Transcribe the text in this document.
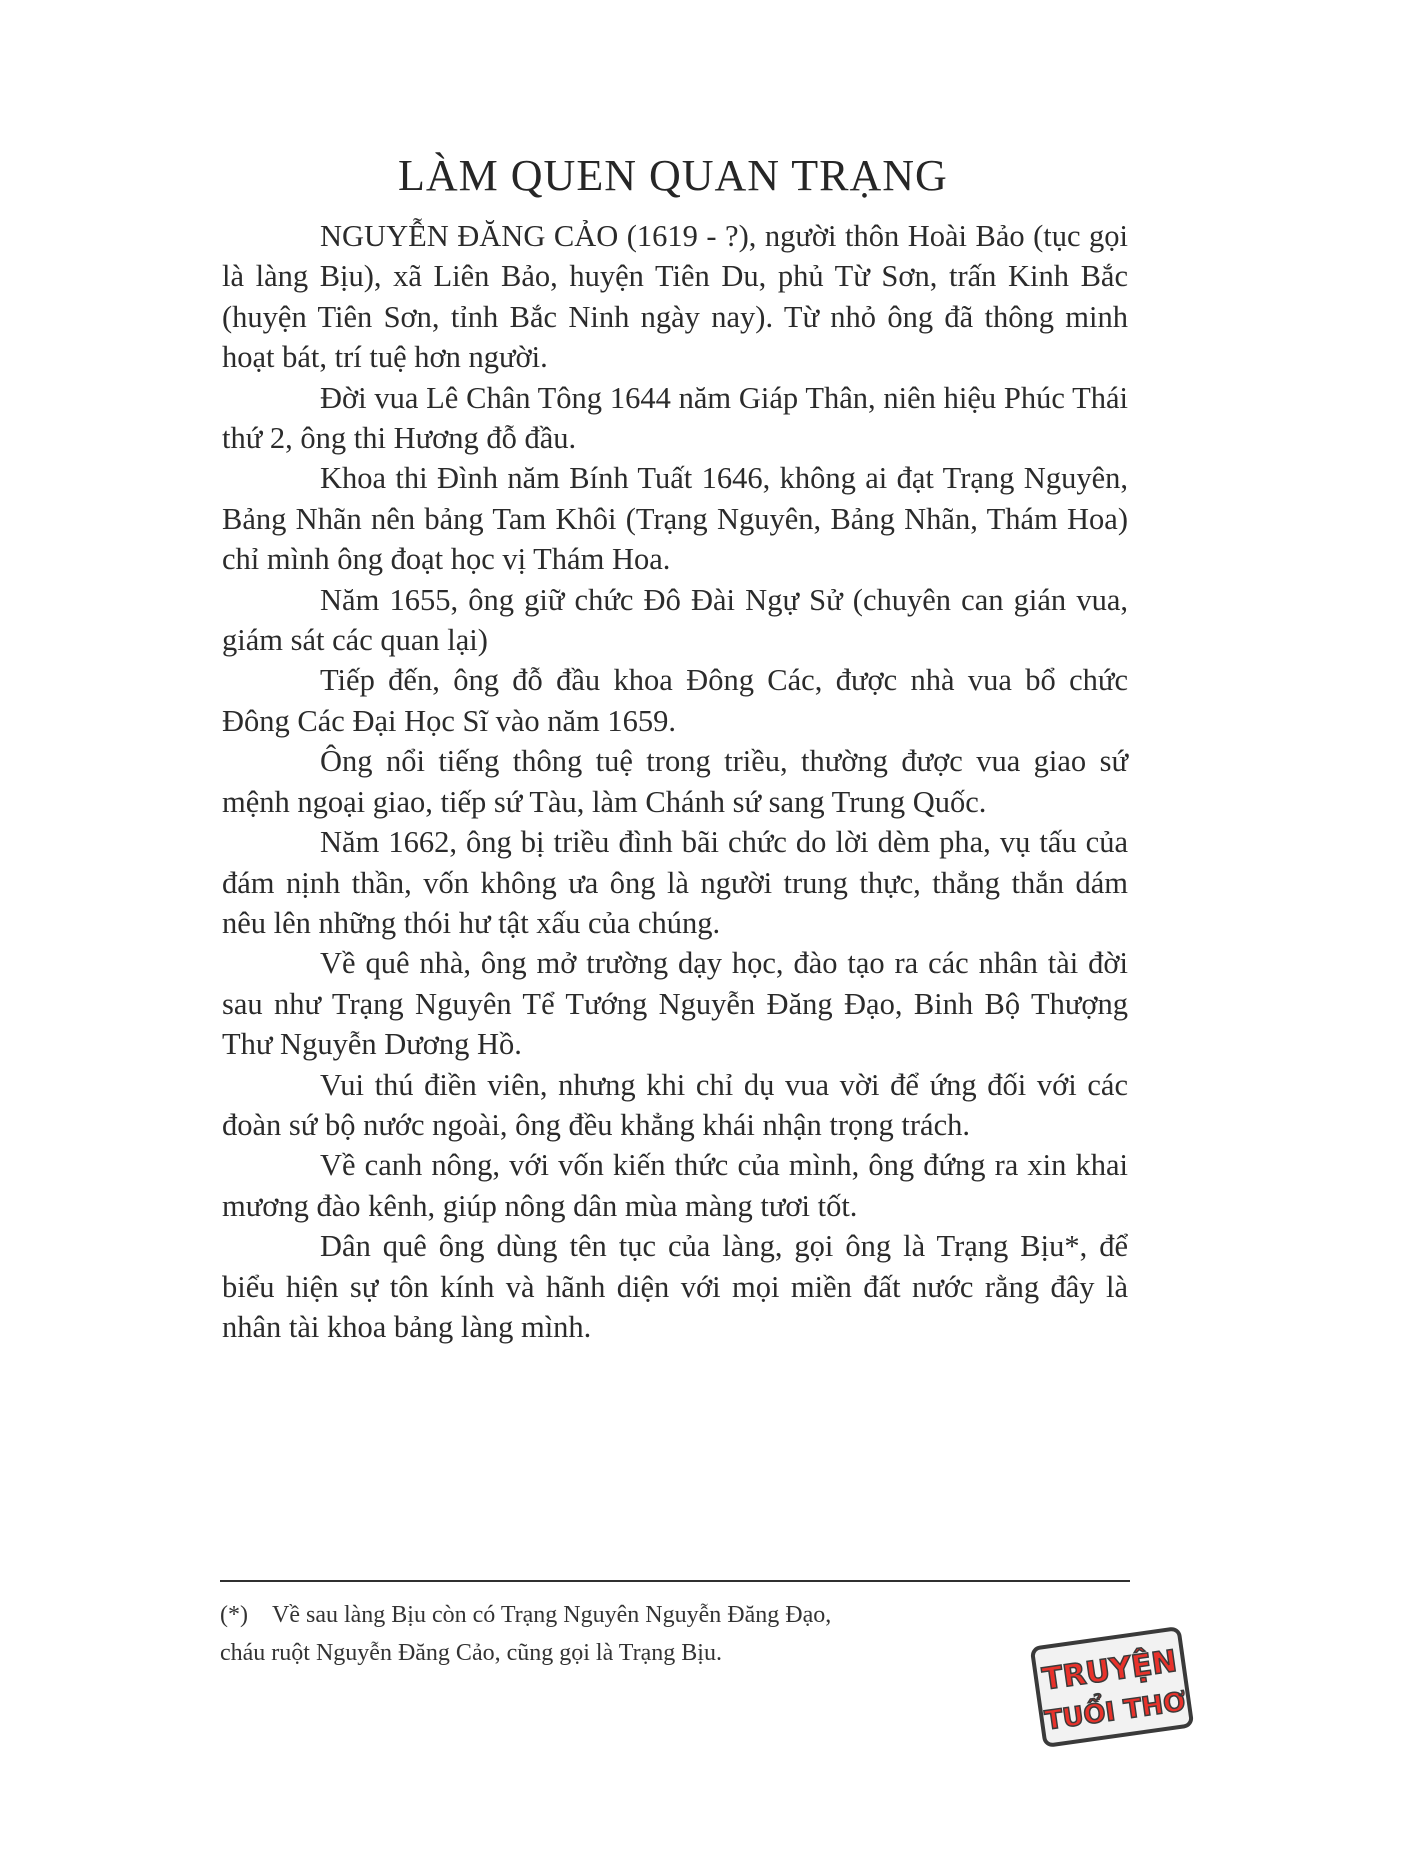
LÀM QUEN QUAN TRẠNG

NGUYỄN ĐĂNG CẢO (1619 - ?), người thôn Hoài Bảo (tục gọi là làng Bịu), xã Liên Bảo, huyện Tiên Du, phủ Từ Sơn, trấn Kinh Bắc (huyện Tiên Sơn, tỉnh Bắc Ninh ngày nay). Từ nhỏ ông đã thông minh hoạt bát, trí tuệ hơn người.

Đời vua Lê Chân Tông 1644 năm Giáp Thân, niên hiệu Phúc Thái thứ 2, ông thi Hương đỗ đầu.

Khoa thi Đình năm Bính Tuất 1646, không ai đạt Trạng Nguyên, Bảng Nhãn nên bảng Tam Khôi (Trạng Nguyên, Bảng Nhãn, Thám Hoa) chỉ mình ông đoạt học vị Thám Hoa.

Năm 1655, ông giữ chức Đô Đài Ngự Sử (chuyên can gián vua, giám sát các quan lại)

Tiếp đến, ông đỗ đầu khoa Đông Các, được nhà vua bổ chức Đông Các Đại Học Sĩ vào năm 1659.

Ông nổi tiếng thông tuệ trong triều, thường được vua giao sứ mệnh ngoại giao, tiếp sứ Tàu, làm Chánh sứ sang Trung Quốc.

Năm 1662, ông bị triều đình bãi chức do lời dèm pha, vụ tấu của đám nịnh thần, vốn không ưa ông là người trung thực, thẳng thắn dám nêu lên những thói hư tật xấu của chúng.

Về quê nhà, ông mở trường dạy học, đào tạo ra các nhân tài đời sau như Trạng Nguyên Tể Tướng Nguyễn Đăng Đạo, Binh Bộ Thượng Thư Nguyễn Dương Hồ.

Vui thú điền viên, nhưng khi chỉ dụ vua vời để ứng đối với các đoàn sứ bộ nước ngoài, ông đều khẳng khái nhận trọng trách.

Về canh nông, với vốn kiến thức của mình, ông đứng ra xin khai mương đào kênh, giúp nông dân mùa màng tươi tốt.

Dân quê ông dùng tên tục của làng, gọi ông là Trạng Bịu*, để biểu hiện sự tôn kính và hãnh diện với mọi miền đất nước rằng đây là nhân tài khoa bảng làng mình.

(*) Về sau làng Bịu còn có Trạng Nguyên Nguyễn Đăng Đạo,
cháu ruột Nguyễn Đăng Cảo, cũng gọi là Trạng Bịu.	TRUYỆN
TUỔI THƠ
